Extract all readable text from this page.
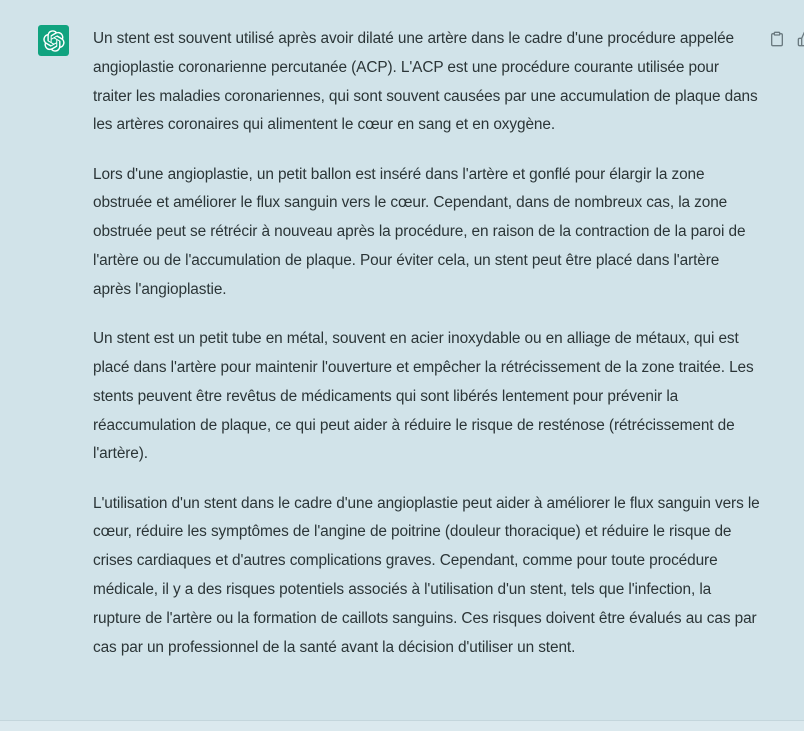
Un stent est souvent utilisé après avoir dilaté une artère dans le cadre d'une procédure appelée angioplastie coronarienne percutanée (ACP). L'ACP est une procédure courante utilisée pour traiter les maladies coronariennes, qui sont souvent causées par une accumulation de plaque dans les artères coronaires qui alimentent le cœur en sang et en oxygène.

Lors d'une angioplastie, un petit ballon est inséré dans l'artère et gonflé pour élargir la zone obstruée et améliorer le flux sanguin vers le cœur. Cependant, dans de nombreux cas, la zone obstruée peut se rétrécir à nouveau après la procédure, en raison de la contraction de la paroi de l'artère ou de l'accumulation de plaque. Pour éviter cela, un stent peut être placé dans l'artère après l'angioplastie.

Un stent est un petit tube en métal, souvent en acier inoxydable ou en alliage de métaux, qui est placé dans l'artère pour maintenir l'ouverture et empêcher la rétrécissement de la zone traitée. Les stents peuvent être revêtus de médicaments qui sont libérés lentement pour prévenir la réaccumulation de plaque, ce qui peut aider à réduire le risque de resténose (rétrécissement de l'artère).

L'utilisation d'un stent dans le cadre d'une angioplastie peut aider à améliorer le flux sanguin vers le cœur, réduire les symptômes de l'angine de poitrine (douleur thoracique) et réduire le risque de crises cardiaques et d'autres complications graves. Cependant, comme pour toute procédure médicale, il y a des risques potentiels associés à l'utilisation d'un stent, tels que l'infection, la rupture de l'artère ou la formation de caillots sanguins. Ces risques doivent être évalués au cas par cas par un professionnel de la santé avant la décision d'utiliser un stent.
